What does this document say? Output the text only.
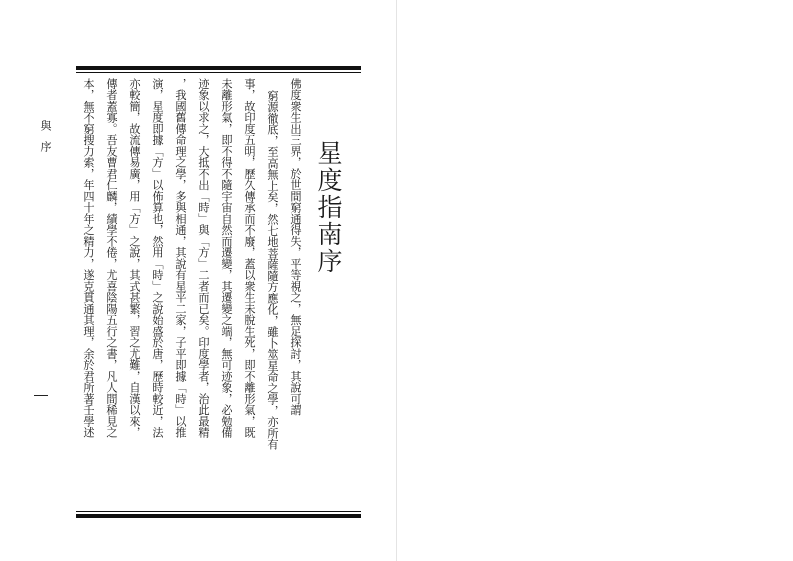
與序	星度指南序
佛度衆生出三界，於世間窮通得失，平等視之，無足探討，其說可謂
窮源徹底，至高無上矣，然七地菩薩隨方應化，雖卜筮星命之學，亦所有
事，故印度五明，歷久傳承而不廢，蓋以衆生未脫生死，即不離形氣，既
未離形氣，即不得不隨宇宙自然而遷變，其遷變之端，無可迹象，必勉備
迹象以求之，大抵不出「時」與「方」二者而已矣。印度學者，治此最精
，我國舊傳命理之學，多與相通，其說有星平二家，子平即據「時」以推
演，星度即據「方」以佈算也，然用「時」之說始盛於唐，歷時較近，法
亦較簡，故流傳易廣，用「方」之說，其式甚繁，習之尤難，自漢以來，
傳者蓋寡。吾友曹君仁麟，績學不倦，尤喜陰陽五行之書，凡人間稀見之
本，無不窮搜力索，年四十年之精力，遂克貫通其理，余於君所著壬學述
